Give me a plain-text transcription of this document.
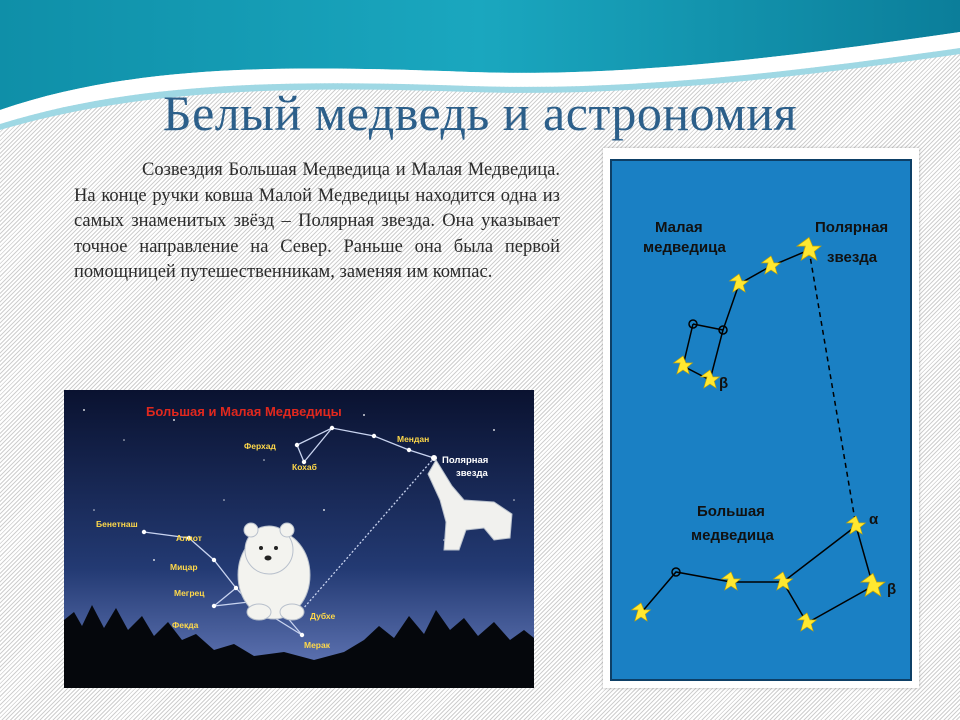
Белый медведь и астрономия

Созвездия Большая Медведица и Малая Медведица. На конце ручки ковша Малой Медведицы находится одна из самых знаменитых звёзд – Полярная звезда. Она указывает точное направление на Север. Раньше она была первой помощницей путешественникам, заменяя им компас.

Большая и Малая Медведицы
Ферхад
Кохаб
Мендан
Бенетнаш
Алиот
Мицар
Мегрец
Фекда
Дубхе
Мерак
Полярная
звезда
Малая
медведица
Полярная
звезда
Большая
медведица
β
α
β
